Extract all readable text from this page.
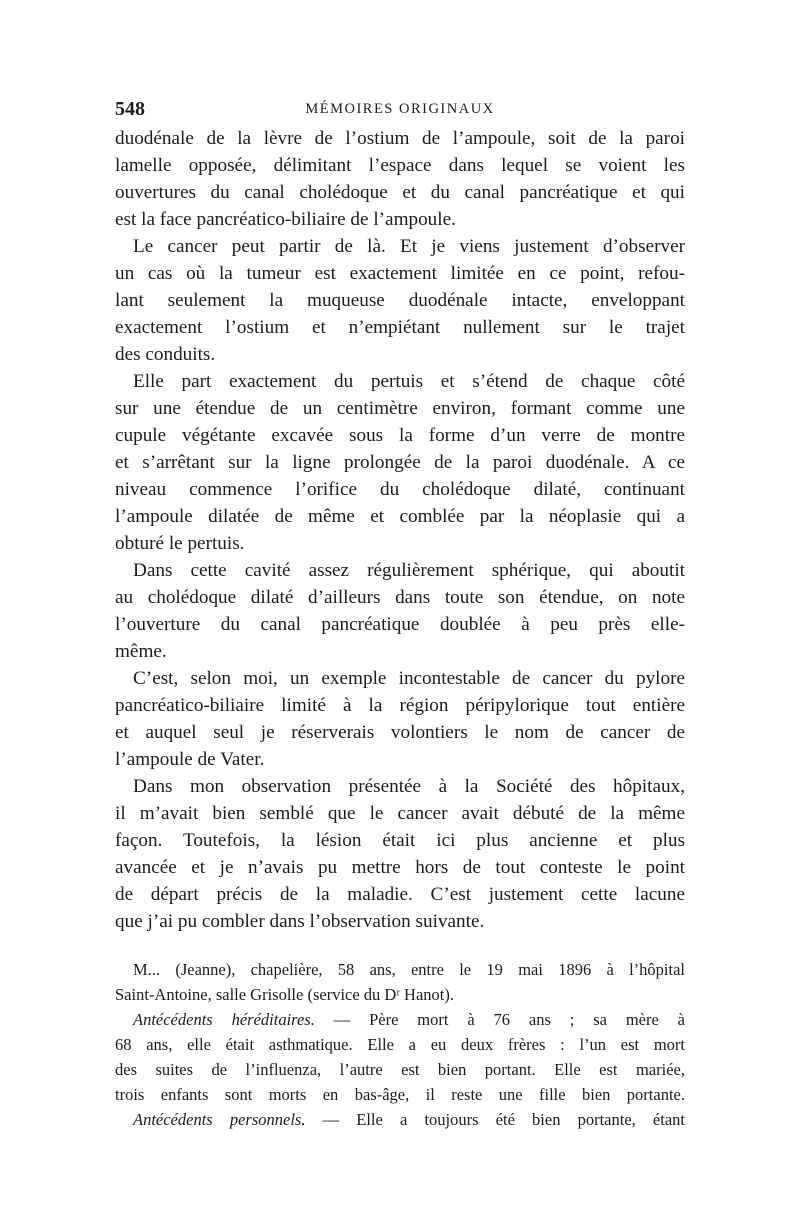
548	MÉMOIRES ORIGINAUX
duodénale de la lèvre de l’ostium de l’ampoule, soit de la paroi
lamelle opposée, délimitant l’espace dans lequel se voient les
ouvertures du canal cholédoque et du canal pancréatique et qui
est la face pancréatico-biliaire de l’ampoule.
Le cancer peut partir de là. Et je viens justement d’observer
un cas où la tumeur est exactement limitée en ce point, refou-
lant seulement la muqueuse duodénale intacte, enveloppant
exactement l’ostium et n’empiétant nullement sur le trajet
des conduits.
Elle part exactement du pertuis et s’étend de chaque côté
sur une étendue de un centimètre environ, formant comme une
cupule végétante excavée sous la forme d’un verre de montre
et s’arrêtant sur la ligne prolongée de la paroi duodénale. A ce
niveau commence l’orifice du cholédoque dilaté, continuant
l’ampoule dilatée de même et comblée par la néoplasie qui a
obturé le pertuis.
Dans cette cavité assez régulièrement sphérique, qui aboutit
au cholédoque dilaté d’ailleurs dans toute son étendue, on note
l’ouverture du canal pancréatique doublée à peu près elle-
même.
C’est, selon moi, un exemple incontestable de cancer du pylore
pancréatico-biliaire limité à la région péripylorique tout entière
et auquel seul je réserverais volontiers le nom de cancer de
l’ampoule de Vater.
Dans mon observation présentée à la Société des hôpitaux,
il m’avait bien semblé que le cancer avait débuté de la même
façon. Toutefois, la lésion était ici plus ancienne et plus
avancée et je n’avais pu mettre hors de tout conteste le point
de départ précis de la maladie. C’est justement cette lacune
que j’ai pu combler dans l’observation suivante.
M... (Jeanne), chapelière, 58 ans, entre le 19 mai 1896 à l’hôpital
Saint-Antoine, salle Grisolle (service du Dʳ Hanot).
Antécédents héréditaires. — Père mort à 76 ans ; sa mère à
68 ans, elle était asthmatique. Elle a eu deux frères : l’un est mort
des suites de l’influenza, l’autre est bien portant. Elle est mariée,
trois enfants sont morts en bas-âge, il reste une fille bien portante.
Antécédents personnels. — Elle a toujours été bien portante, étant
